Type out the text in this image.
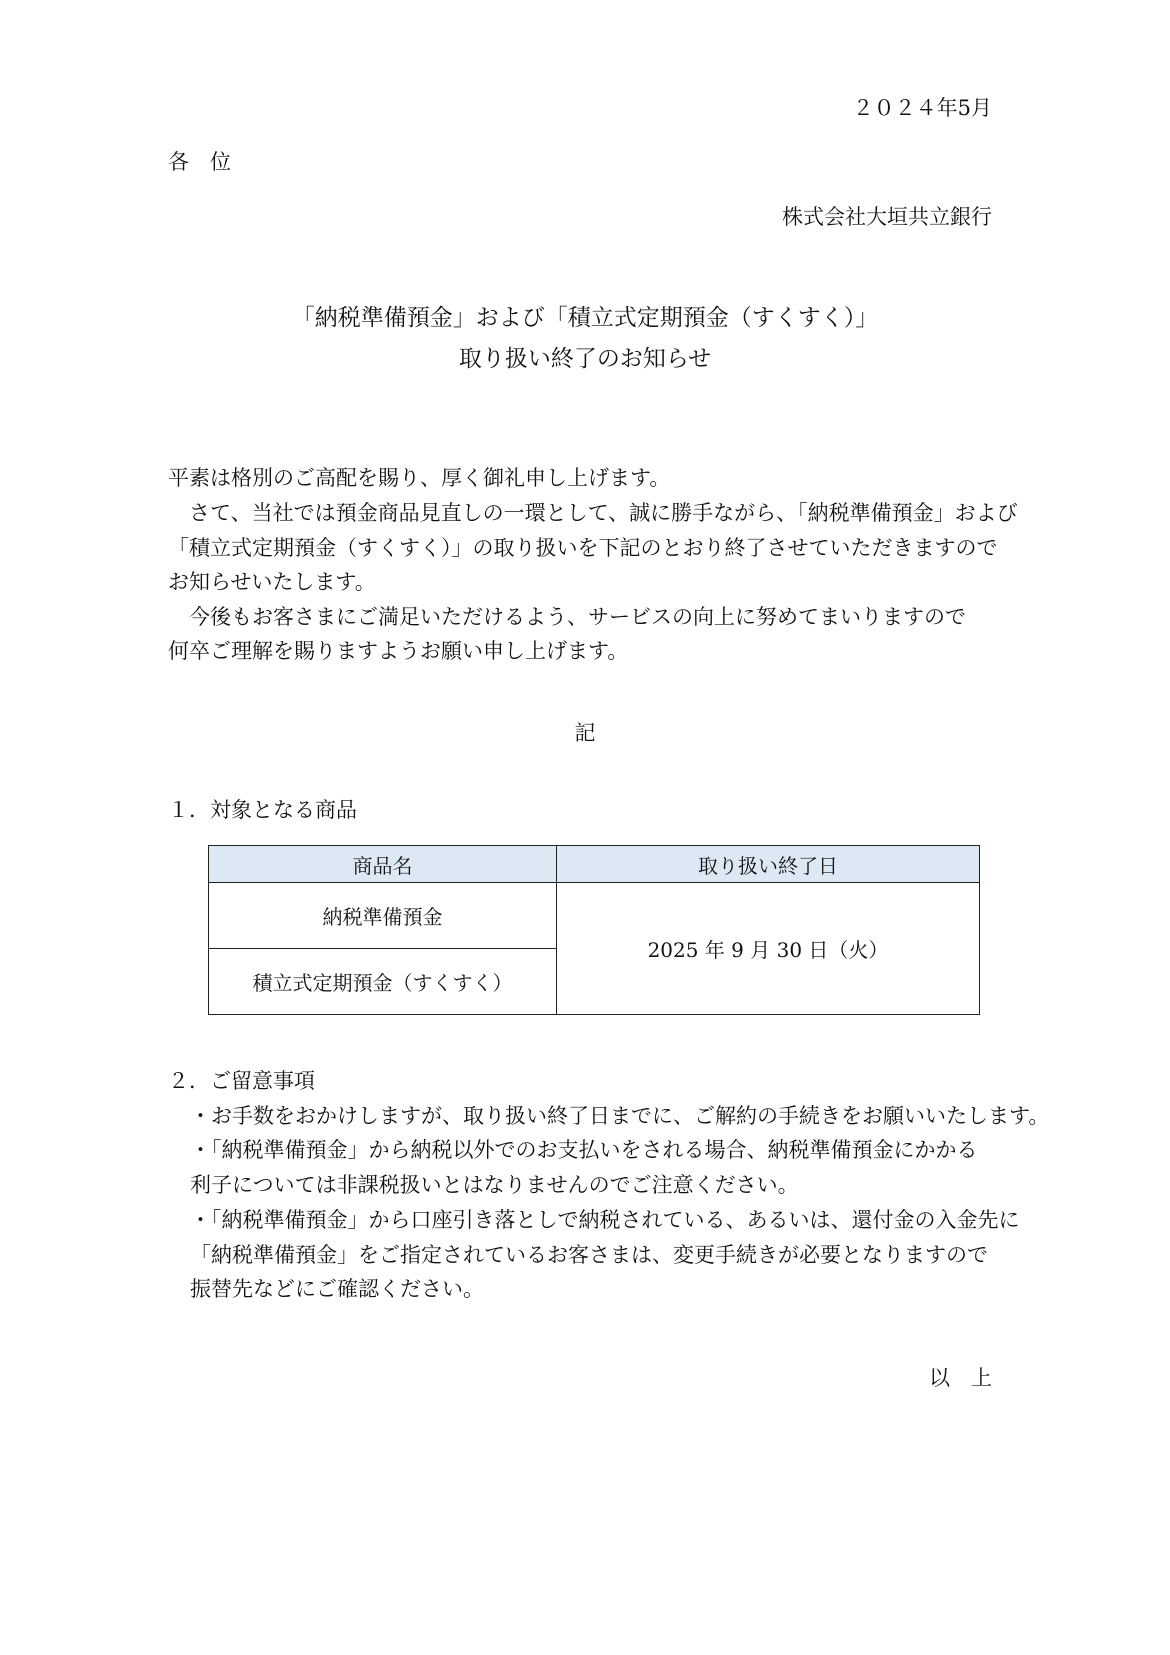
２０２４年5月
各　位
株式会社大垣共立銀行
「納税準備預金」および「積立式定期預金（すくすく）」
取り扱い終了のお知らせ
平素は格別のご高配を賜り、厚く御礼申し上げます。
　さて、当社では預金商品見直しの一環として、誠に勝手ながら、「納税準備預金」および
「積立式定期預金（すくすく）」の取り扱いを下記のとおり終了させていただきますので
お知らせいたします。
　今後もお客さまにご満足いただけるよう、サービスの向上に努めてまいりますので
何卒ご理解を賜りますようお願い申し上げます。
記
１．対象となる商品
商品名	取り扱い終了日
納税準備預金	2025 年 9 月 30 日（火）
積立式定期預金（すくすく）	
２．ご留意事項
・お手数をおかけしますが、取り扱い終了日までに、ご解約の手続きをお願いいたします。
・「納税準備預金」から納税以外でのお支払いをされる場合、納税準備預金にかかる
利子については非課税扱いとはなりませんのでご注意ください。
・「納税準備預金」から口座引き落としで納税されている、あるいは、還付金の入金先に
「納税準備預金」をご指定されているお客さまは、変更手続きが必要となりますので
振替先などにご確認ください。
以　上
